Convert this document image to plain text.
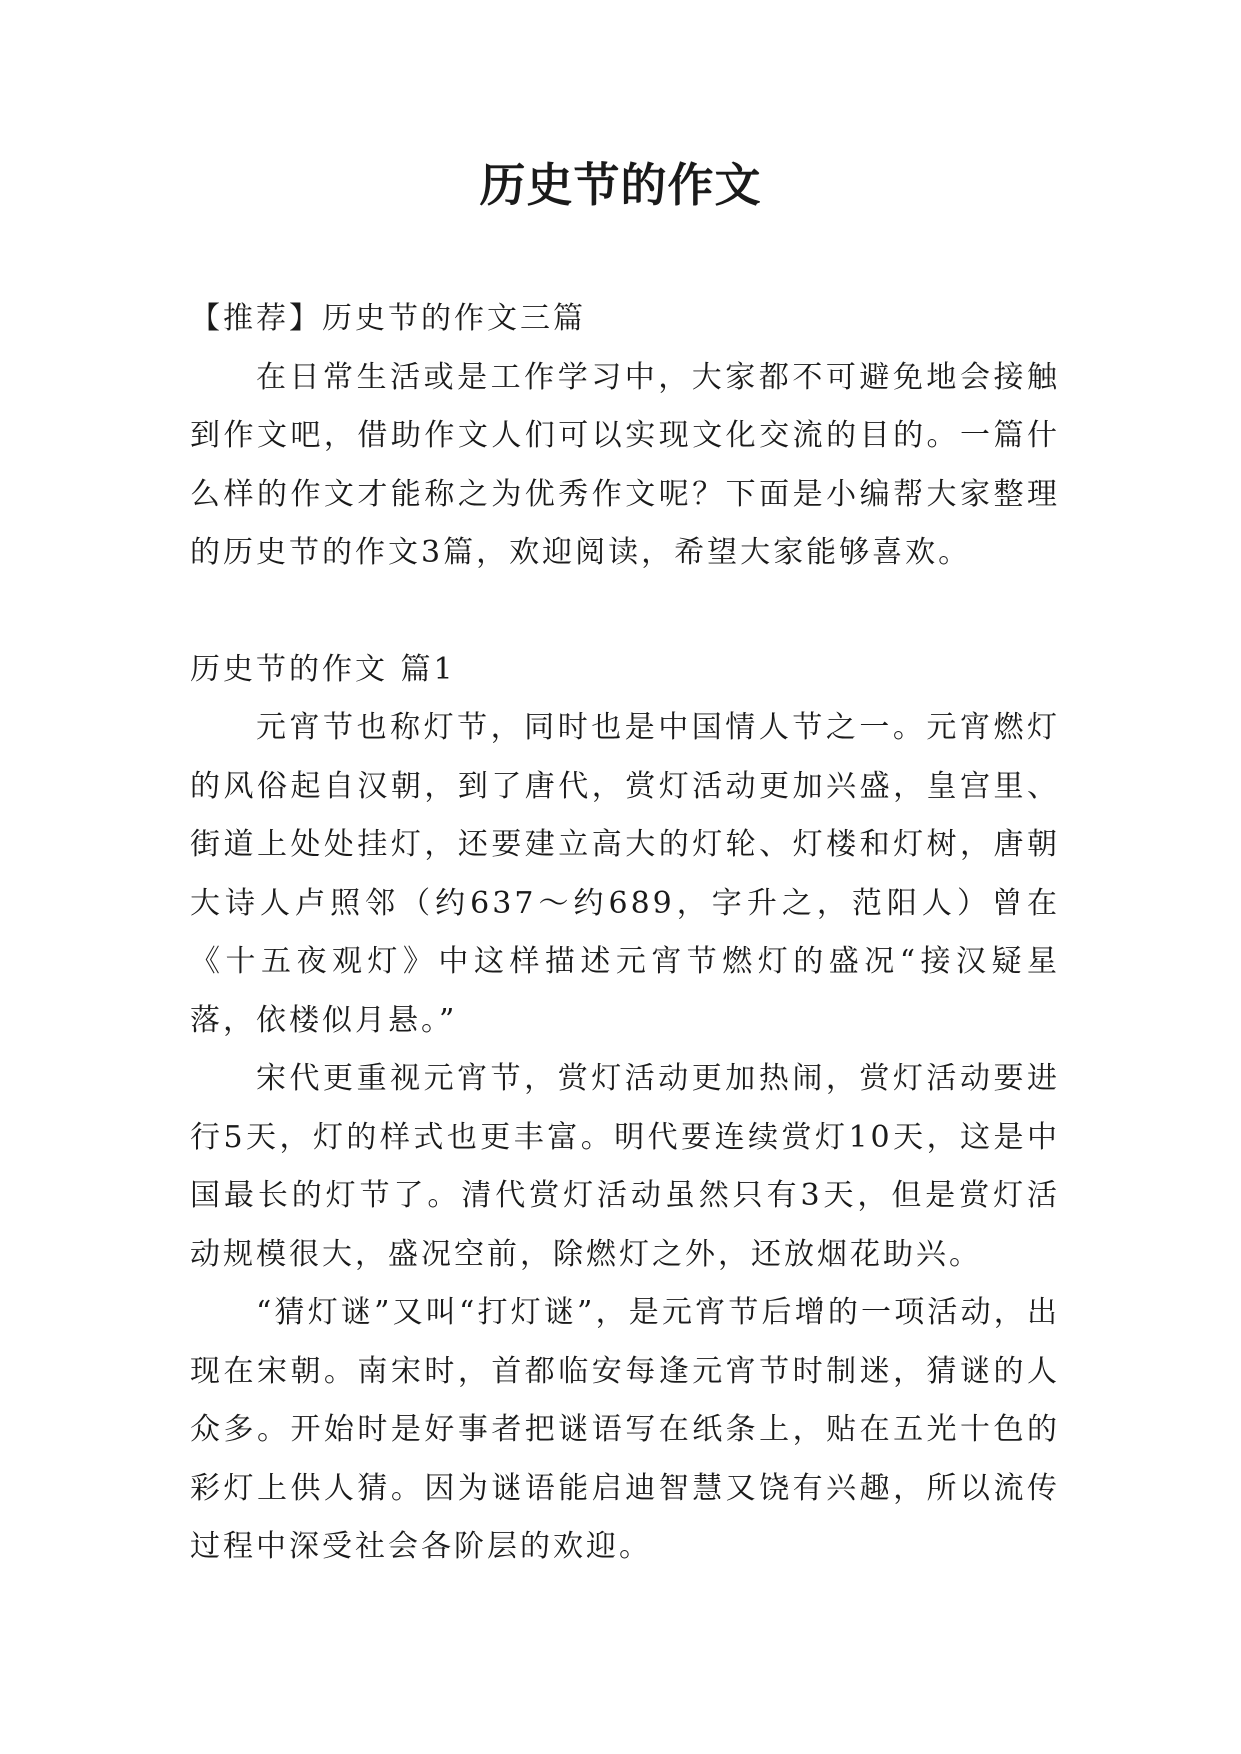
历史节的作文

【推荐】历史节的作文三篇

在日常生活或是工作学习中，大家都不可避免地会接触到作文吧，借助作文人们可以实现文化交流的目的。一篇什么样的作文才能称之为优秀作文呢？下面是小编帮大家整理的历史节的作文3篇，欢迎阅读，希望大家能够喜欢。

历史节的作文 篇1

元宵节也称灯节，同时也是中国情人节之一。元宵燃灯的风俗起自汉朝，到了唐代，赏灯活动更加兴盛，皇宫里、街道上处处挂灯，还要建立高大的灯轮、灯楼和灯树，唐朝大诗人卢照邻（约637～约689，字升之，范阳人）曾在《十五夜观灯》中这样描述元宵节燃灯的盛况“接汉疑星落，依楼似月悬。”

宋代更重视元宵节，赏灯活动更加热闹，赏灯活动要进行5天，灯的样式也更丰富。明代要连续赏灯10天，这是中国最长的灯节了。清代赏灯活动虽然只有3天，但是赏灯活动规模很大，盛况空前，除燃灯之外，还放烟花助兴。

“猜灯谜”又叫“打灯谜”，是元宵节后增的一项活动，出现在宋朝。南宋时，首都临安每逢元宵节时制迷，猜谜的人众多。开始时是好事者把谜语写在纸条上，贴在五光十色的彩灯上供人猜。因为谜语能启迪智慧又饶有兴趣，所以流传过程中深受社会各阶层的欢迎。
